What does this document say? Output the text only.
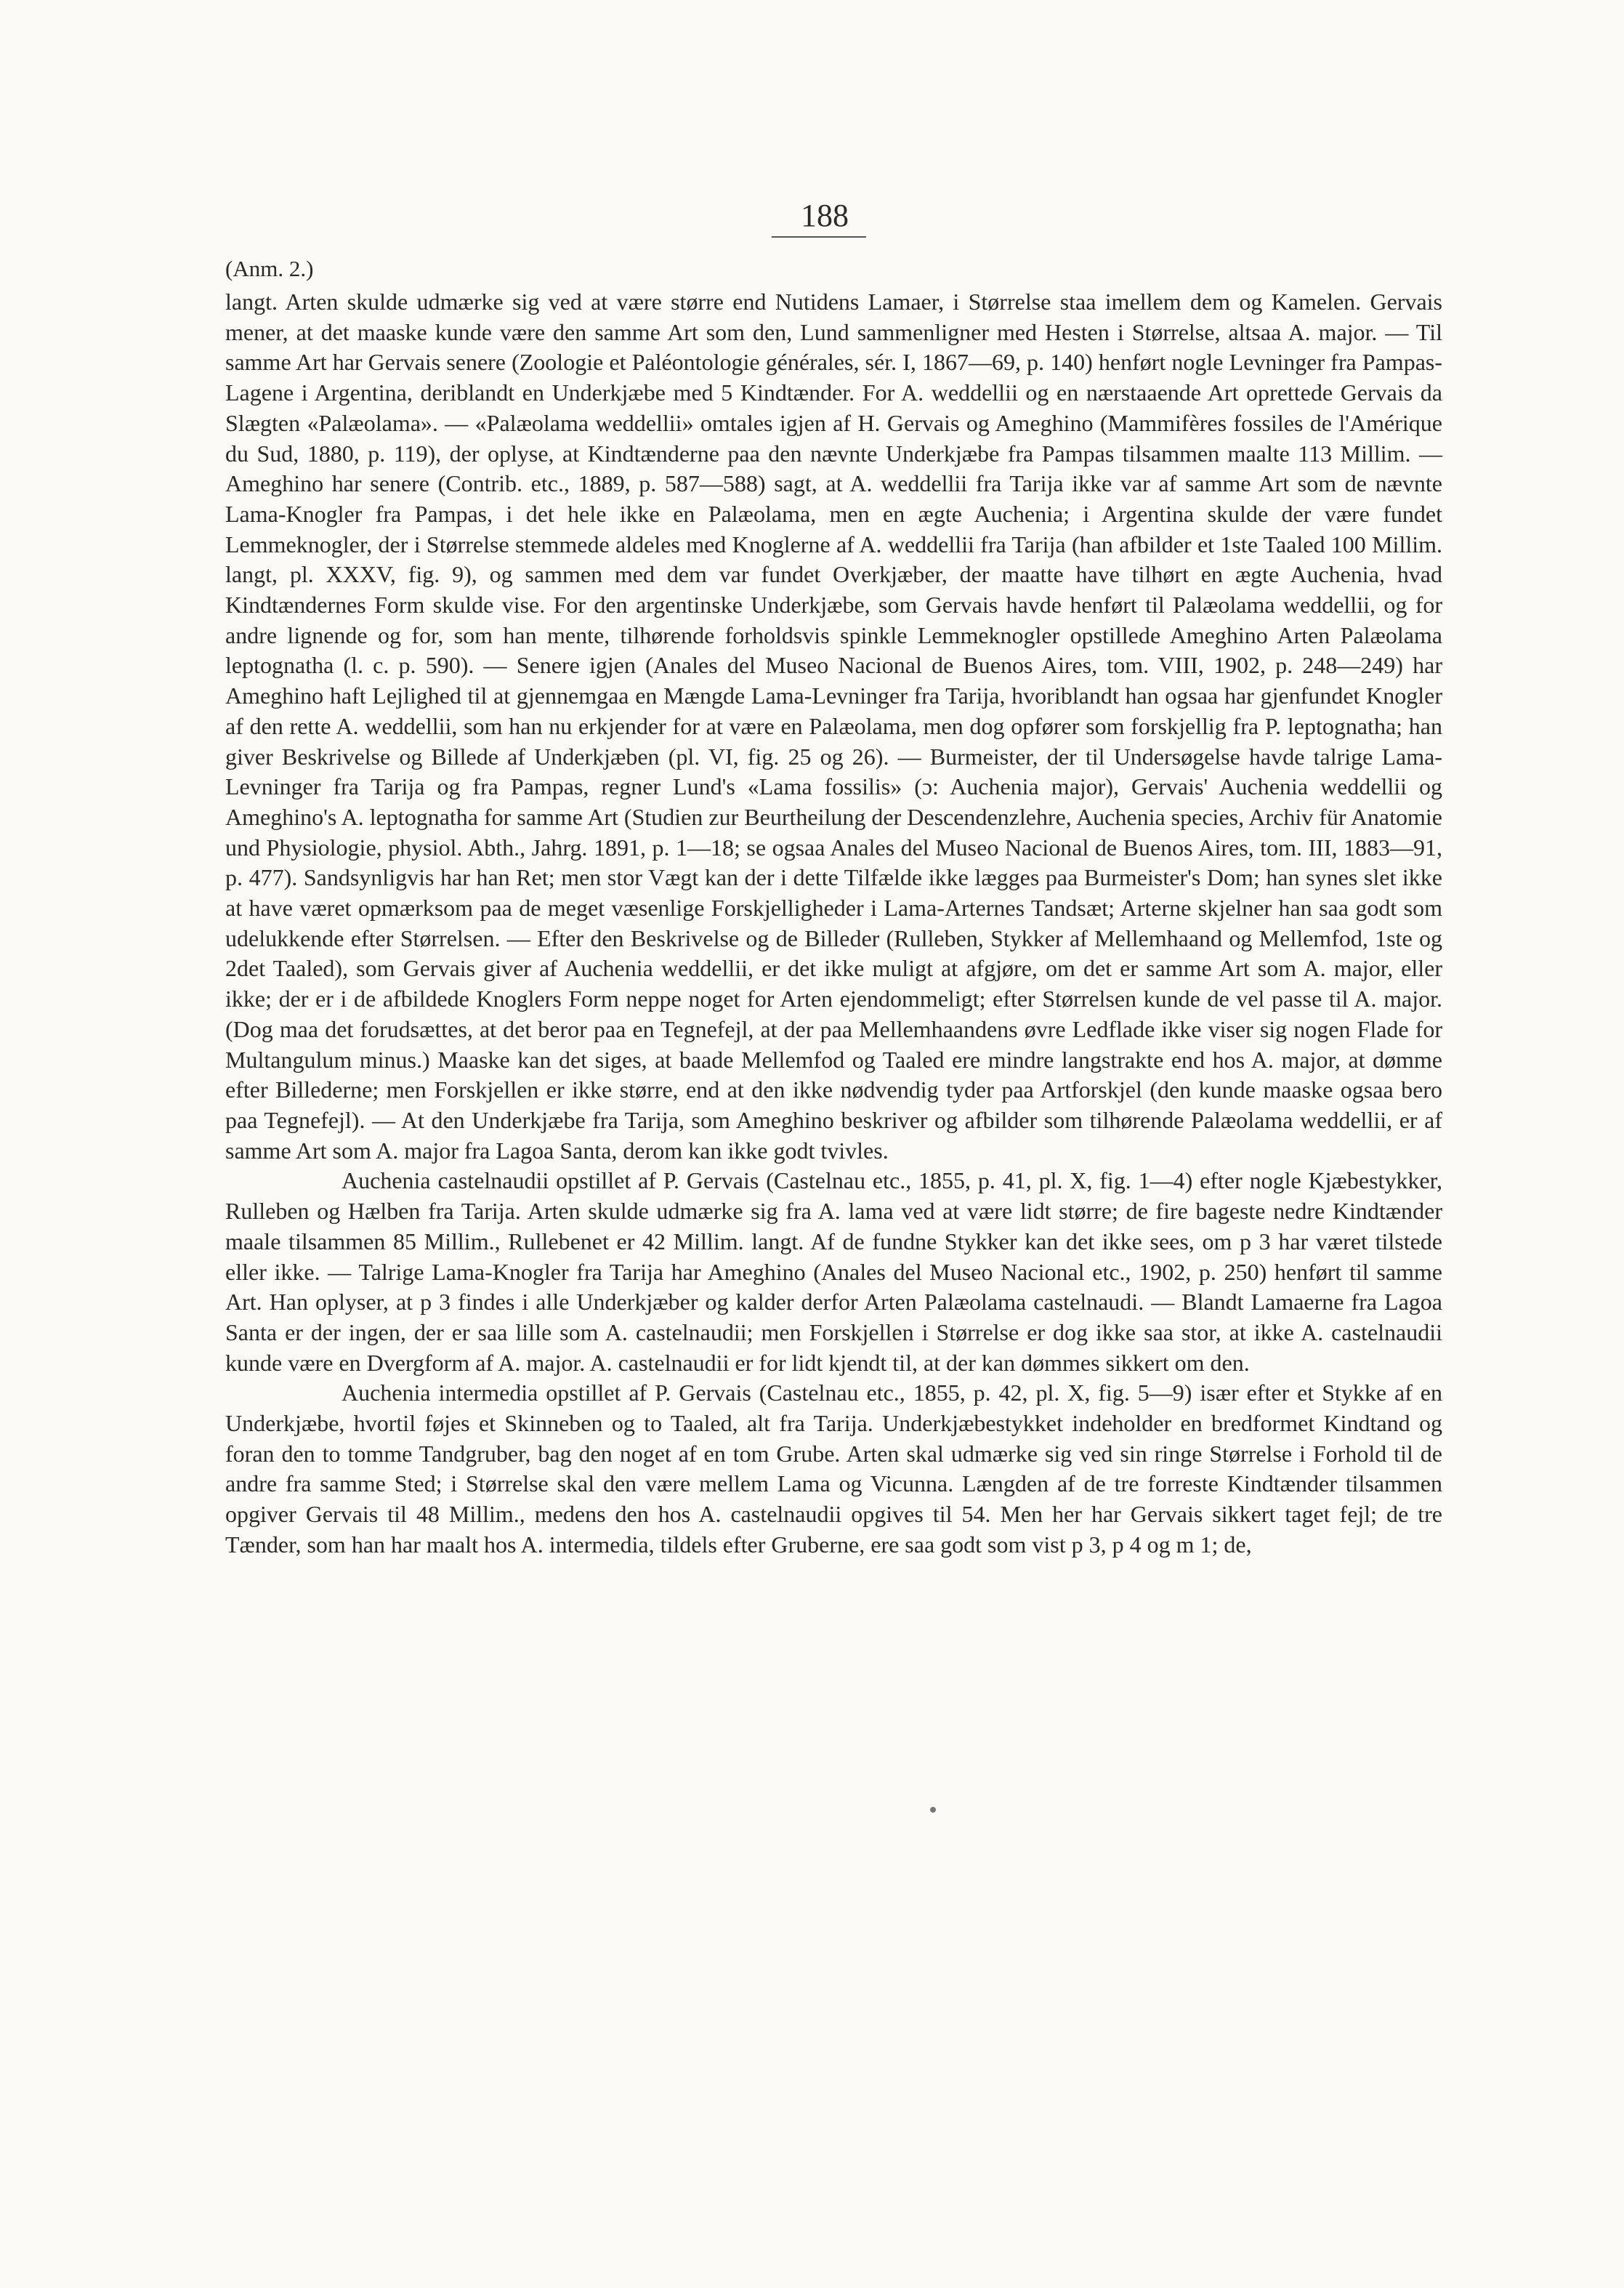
188
(Anm. 2.)

langt. Arten skulde udmærke sig ved at være større end Nutidens Lamaer, i Størrelse staa imellem dem og Kamelen. Gervais mener, at det maaske kunde være den samme Art som den, Lund sammenligner med Hesten i Størrelse, altsaa A. major. — Til samme Art har Gervais senere (Zoologie et Paléontologie générales, sér. I, 1867—69, p. 140) henført nogle Levninger fra Pampas-Lagene i Argentina, deriblandt en Underkjæbe med 5 Kindtænder. For A. weddellii og en nærstaaende Art oprettede Gervais da Slægten «Palæolama». — «Palæolama weddellii» omtales igjen af H. Gervais og Ameghino (Mammifères fossiles de l'Amérique du Sud, 1880, p. 119), der oplyse, at Kindtænderne paa den nævnte Underkjæbe fra Pampas tilsammen maalte 113 Millim. — Ameghino har senere (Contrib. etc., 1889, p. 587—588) sagt, at A. weddellii fra Tarija ikke var af samme Art som de nævnte Lama-Knogler fra Pampas, i det hele ikke en Palæolama, men en ægte Auchenia; i Argentina skulde der være fundet Lemmeknogler, der i Størrelse stemmede aldeles med Knoglerne af A. weddellii fra Tarija (han afbilder et 1ste Taaled 100 Millim. langt, pl. XXXV, fig. 9), og sammen med dem var fundet Overkjæber, der maatte have tilhørt en ægte Auchenia, hvad Kindtændernes Form skulde vise. For den argentinske Underkjæbe, som Gervais havde henført til Palæolama weddellii, og for andre lignende og for, som han mente, tilhørende forholdsvis spinkle Lemmeknogler opstillede Ameghino Arten Palæolama leptognatha (l. c. p. 590). — Senere igjen (Anales del Museo Nacional de Buenos Aires, tom. VIII, 1902, p. 248—249) har Ameghino haft Lejlighed til at gjennemgaa en Mængde Lama-Levninger fra Tarija, hvoriblandt han ogsaa har gjenfundet Knogler af den rette A. weddellii, som han nu erkjender for at være en Palæolama, men dog opfører som forskjellig fra P. leptognatha; han giver Beskrivelse og Billede af Underkjæben (pl. VI, fig. 25 og 26). — Burmeister, der til Undersøgelse havde talrige Lama-Levninger fra Tarija og fra Pampas, regner Lund's «Lama fossilis» (ɔ: Auchenia major), Gervais' Auchenia weddellii og Ameghino's A. leptognatha for samme Art (Studien zur Beurtheilung der Descendenzlehre, Auchenia species, Archiv für Anatomie und Physiologie, physiol. Abth., Jahrg. 1891, p. 1—18; se ogsaa Anales del Museo Nacional de Buenos Aires, tom. III, 1883—91, p. 477). Sandsynligvis har han Ret; men stor Vægt kan der i dette Tilfælde ikke lægges paa Burmeister's Dom; han synes slet ikke at have været opmærksom paa de meget væsenlige Forskjelligheder i Lama-Arternes Tandsæt; Arterne skjelner han saa godt som udelukkende efter Størrelsen. — Efter den Beskrivelse og de Billeder (Rulleben, Stykker af Mellemhaand og Mellemfod, 1ste og 2det Taaled), som Gervais giver af Auchenia weddellii, er det ikke muligt at afgjøre, om det er samme Art som A. major, eller ikke; der er i de afbildede Knoglers Form neppe noget for Arten ejendommeligt; efter Størrelsen kunde de vel passe til A. major. (Dog maa det forudsættes, at det beror paa en Tegnefejl, at der paa Mellemhaandens øvre Ledflade ikke viser sig nogen Flade for Multangulum minus.) Maaske kan det siges, at baade Mellemfod og Taaled ere mindre langstrakte end hos A. major, at dømme efter Billederne; men Forskjellen er ikke større, end at den ikke nødvendig tyder paa Artforskjel (den kunde maaske ogsaa bero paa Tegnefejl). — At den Underkjæbe fra Tarija, som Ameghino beskriver og afbilder som tilhørende Palæolama weddellii, er af samme Art som A. major fra Lagoa Santa, derom kan ikke godt tvivles.

Auchenia castelnaudii opstillet af P. Gervais (Castelnau etc., 1855, p. 41, pl. X, fig. 1—4) efter nogle Kjæbestykker, Rulleben og Hælben fra Tarija. Arten skulde udmærke sig fra A. lama ved at være lidt større; de fire bageste nedre Kindtænder maale tilsammen 85 Millim., Rullebenet er 42 Millim. langt. Af de fundne Stykker kan det ikke sees, om p 3 har været tilstede eller ikke. — Talrige Lama-Knogler fra Tarija har Ameghino (Anales del Museo Nacional etc., 1902, p. 250) henført til samme Art. Han oplyser, at p 3 findes i alle Underkjæber og kalder derfor Arten Palæolama castelnaudi. — Blandt Lamaerne fra Lagoa Santa er der ingen, der er saa lille som A. castelnaudii; men Forskjellen i Størrelse er dog ikke saa stor, at ikke A. castelnaudii kunde være en Dvergform af A. major. A. castelnaudii er for lidt kjendt til, at der kan dømmes sikkert om den.

Auchenia intermedia opstillet af P. Gervais (Castelnau etc., 1855, p. 42, pl. X, fig. 5—9) især efter et Stykke af en Underkjæbe, hvortil føjes et Skinneben og to Taaled, alt fra Tarija. Underkjæbestykket indeholder en bredformet Kindtand og foran den to tomme Tandgruber, bag den noget af en tom Grube. Arten skal udmærke sig ved sin ringe Størrelse i Forhold til de andre fra samme Sted; i Størrelse skal den være mellem Lama og Vicunna. Længden af de tre forreste Kindtænder tilsammen opgiver Gervais til 48 Millim., medens den hos A. castelnaudii opgives til 54. Men her har Gervais sikkert taget fejl; de tre Tænder, som han har maalt hos A. intermedia, tildels efter Gruberne, ere saa godt som vist p 3, p 4 og m 1; de,
